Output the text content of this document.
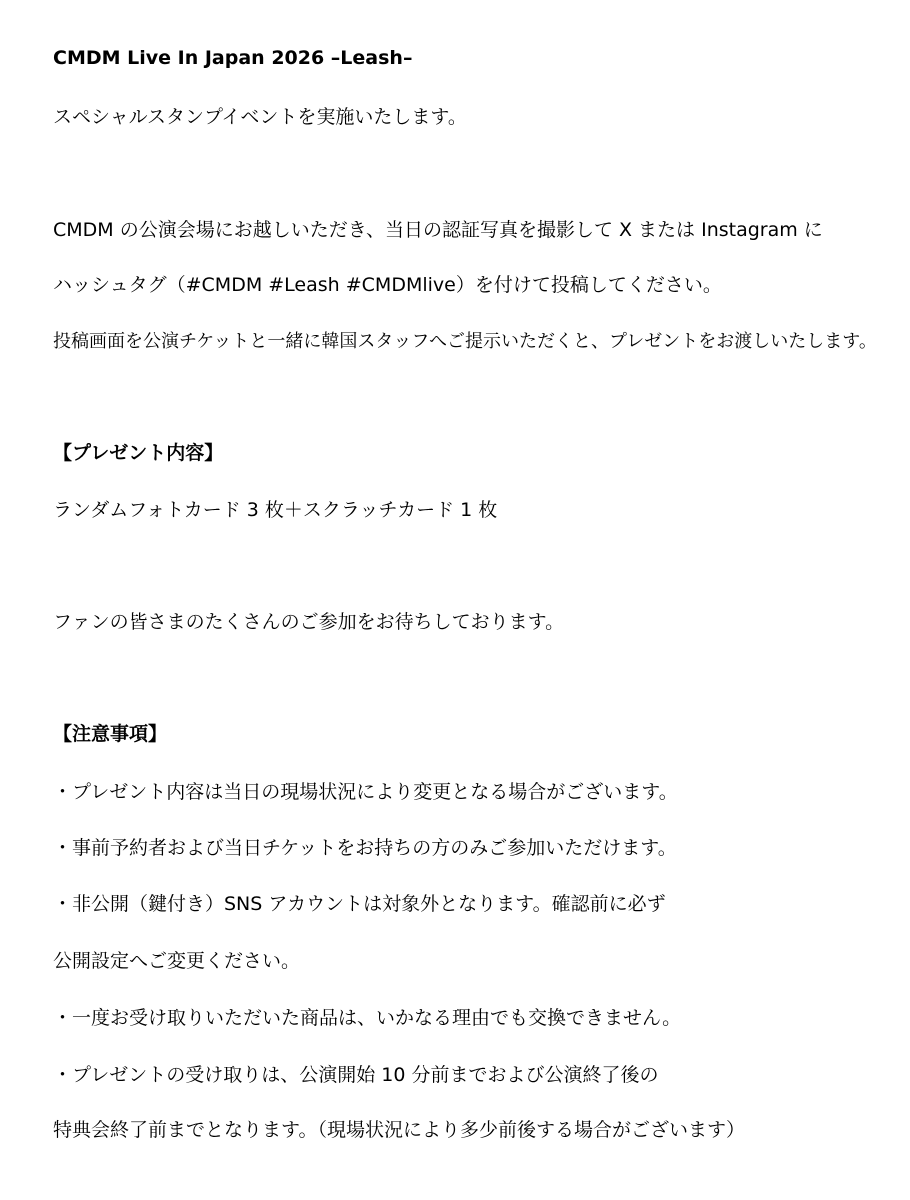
CMDM Live In Japan 2026 –Leash–

スペシャルスタンプイベントを実施いたします。

CMDM の公演会場にお越しいただき、当日の認証写真を撮影して X または Instagram に

ハッシュタグ（#CMDM #Leash #CMDMlive）を付けて投稿してください。

投稿画面を公演チケットと一緒に韓国スタッフへご提示いただくと、プレゼントをお渡しいたします。

【プレゼント内容】

ランダムフォトカード 3 枚＋スクラッチカード 1 枚

ファンの皆さまのたくさんのご参加をお待ちしております。

【注意事項】

・プレゼント内容は当日の現場状況により変更となる場合がございます。

・事前予約者および当日チケットをお持ちの方のみご参加いただけます。

・非公開（鍵付き）SNS アカウントは対象外となります。確認前に必ず

公開設定へご変更ください。

・一度お受け取りいただいた商品は、いかなる理由でも交換できません。

・プレゼントの受け取りは、公演開始 10 分前までおよび公演終了後の

特典会終了前までとなります。（現場状況により多少前後する場合がございます）
